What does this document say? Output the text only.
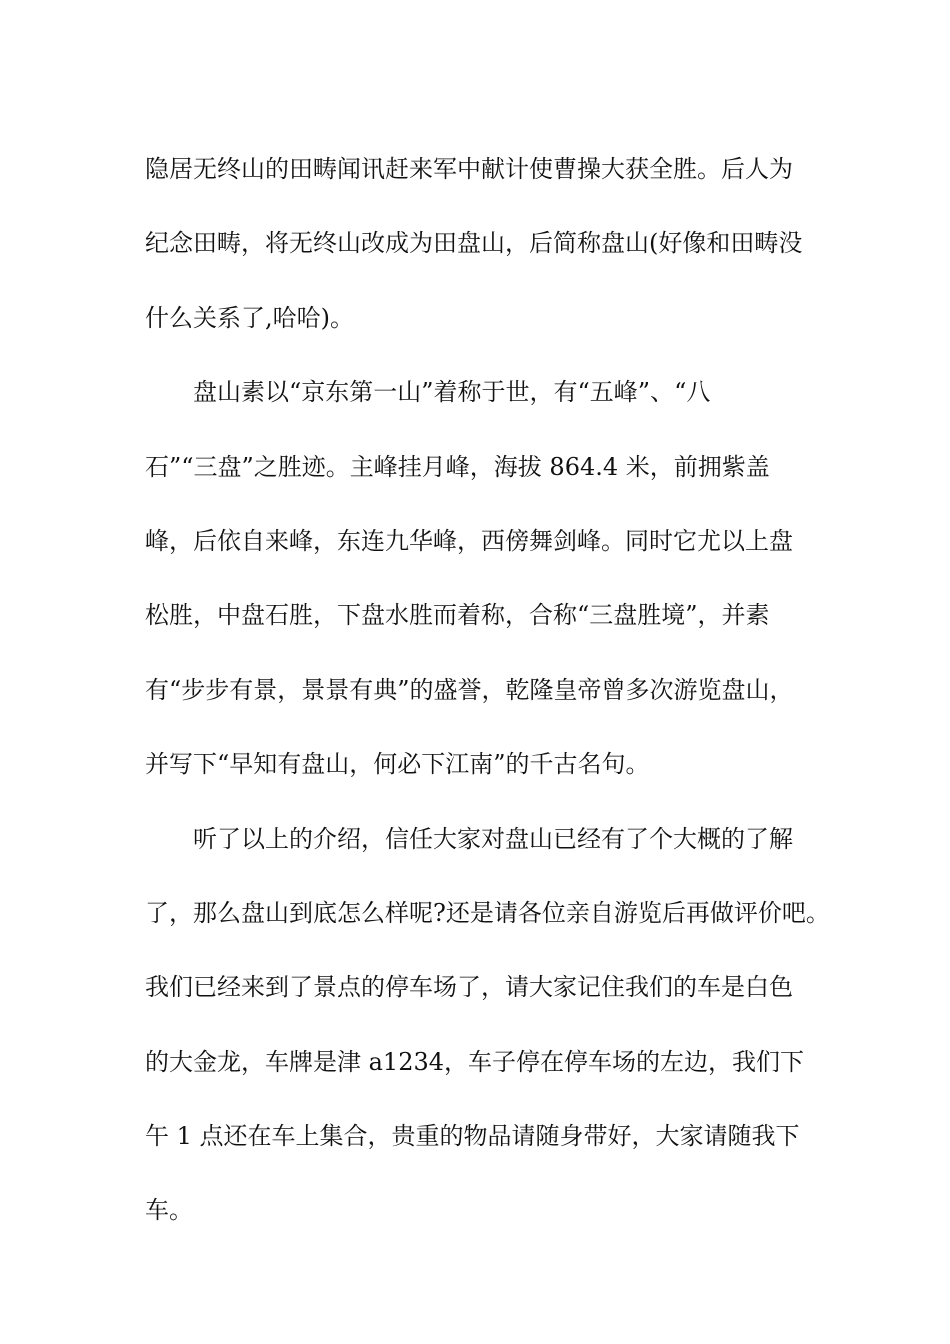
隐居无终山的田畴闻讯赶来军中献计使曹操大获全胜。后人为
纪念田畴，将无终山改成为田盘山，后简称盘山(好像和田畴没
什么关系了,哈哈)。
　　盘山素以“京东第一山”着称于世，有“五峰”、“八
石”“三盘”之胜迹。主峰挂月峰，海拔 864.4 米，前拥紫盖
峰，后依自来峰，东连九华峰，西傍舞剑峰。同时它尤以上盘
松胜，中盘石胜，下盘水胜而着称，合称“三盘胜境”，并素
有“步步有景，景景有典”的盛誉，乾隆皇帝曾多次游览盘山，
并写下“早知有盘山，何必下江南”的千古名句。
　　听了以上的介绍，信任大家对盘山已经有了个大概的了解
了，那么盘山到底怎么样呢?还是请各位亲自游览后再做评价吧。
我们已经来到了景点的停车场了，请大家记住我们的车是白色
的大金龙，车牌是津 a1234，车子停在停车场的左边，我们下
午 1 点还在车上集合，贵重的物品请随身带好，大家请随我下
车。
